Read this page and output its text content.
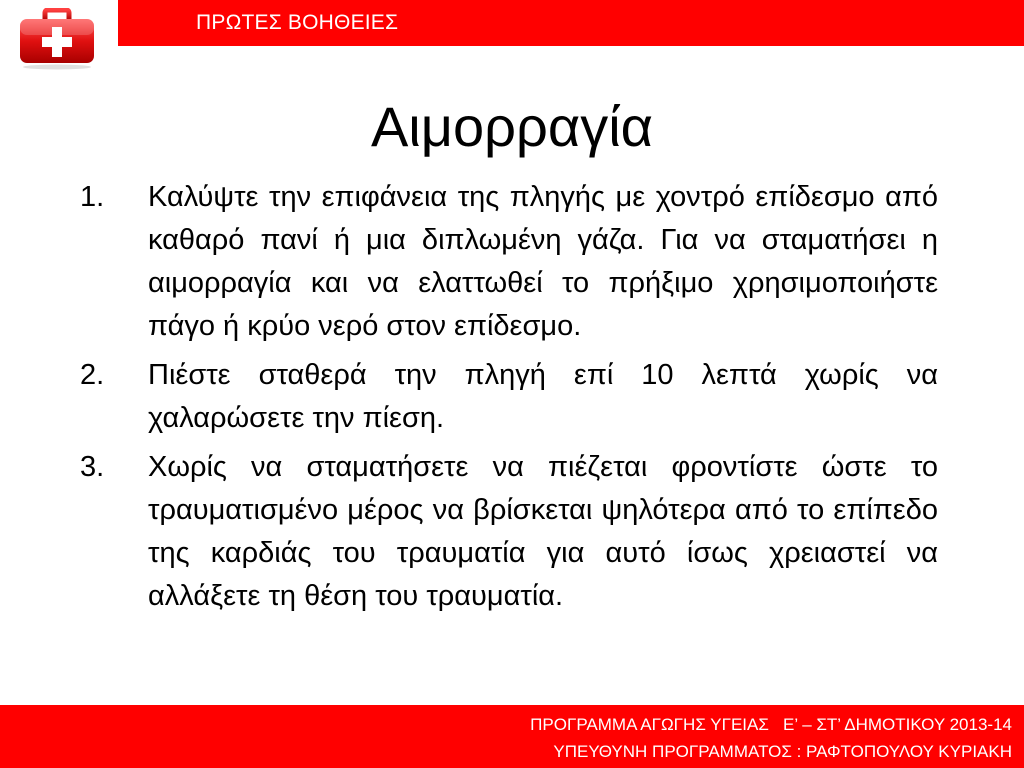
ΠΡΩΤΕΣ ΒΟΗΘΕΙΕΣ
Αιμορραγία
1. Καλύψτε την επιφάνεια της πληγής με χοντρό επίδεσμο από καθαρό πανί ή μια διπλωμένη γάζα. Για να σταματήσει η αιμορραγία και να ελαττωθεί το πρήξιμο χρησιμοποιήστε πάγο ή κρύο νερό στον επίδεσμο.
2. Πιέστε σταθερά την πληγή επί 10 λεπτά χωρίς να χαλαρώσετε την πίεση.
3. Χωρίς να σταματήσετε να πιέζεται φροντίστε ώστε το τραυματισμένο μέρος να βρίσκεται ψηλότερα από το επίπεδο της καρδιάς του τραυματία για αυτό ίσως χρειαστεί να αλλάξετε τη θέση του τραυματία.
ΠΡΟΓΡΑΜΜΑ ΑΓΩΓΗΣ ΥΓΕΙΑΣ   Ε’ – ΣΤ’ ΔΗΜΟΤΙΚΟΥ 2013-14
ΥΠΕΥΘΥΝΗ ΠΡΟΓΡΑΜΜΑΤΟΣ : ΡΑΦΤΟΠΟΥΛΟΥ ΚΥΡΙΑΚΗ
